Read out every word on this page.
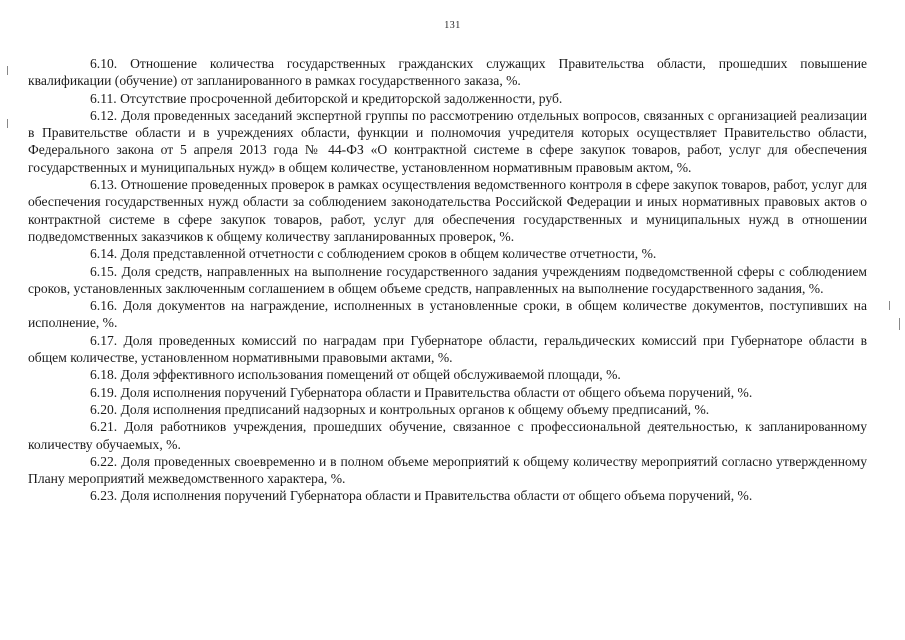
131

6.10. Отношение количества государственных гражданских служащих Правительства области, прошедших повышение квалификации (обучение) от запланированного в рамках государственного заказа, %.

6.11. Отсутствие просроченной дебиторской и кредиторской задолженности, руб.

6.12. Доля проведенных заседаний экспертной группы по рассмотрению отдельных вопросов, связанных с организацией реализации в Правительстве области и в учреждениях области, функции и полномочия учредителя которых осуществляет Правительство области, Федерального закона от 5 апреля 2013 года № 44-ФЗ «О контрактной системе в сфере закупок товаров, работ, услуг для обеспечения государственных и муниципальных нужд» в общем количестве, установленном нормативным правовым актом, %.

6.13. Отношение проведенных проверок в рамках осуществления ведомственного контроля в сфере закупок товаров, работ, услуг для обеспечения государственных нужд области за соблюдением законодательства Российской Федерации и иных нормативных правовых актов о контрактной системе в сфере закупок товаров, работ, услуг для обеспечения государственных и муниципальных нужд в отношении подведомственных заказчиков к общему количеству запланированных проверок, %.

6.14. Доля представленной отчетности с соблюдением сроков в общем количестве отчетности, %.

6.15. Доля средств, направленных на выполнение государственного задания учреждениям подведомственной сферы с соблюдением сроков, установленных заключенным соглашением в общем объеме средств, направленных на выполнение государственного задания, %.

6.16. Доля документов на награждение, исполненных в установленные сроки, в общем количестве документов, поступивших на исполнение, %.

6.17. Доля проведенных комиссий по наградам при Губернаторе области, геральдических комиссий при Губернаторе области в общем количестве, установленном нормативными правовыми актами, %.

6.18. Доля эффективного использования помещений от общей обслуживаемой площади, %.

6.19. Доля исполнения поручений Губернатора области и Правительства области от общего объема поручений, %.

6.20. Доля исполнения предписаний надзорных и контрольных органов к общему объему предписаний, %.

6.21. Доля работников учреждения, прошедших обучение, связанное с профессиональной деятельностью, к запланированному количеству обучаемых, %.

6.22. Доля проведенных своевременно и в полном объеме мероприятий к общему количеству мероприятий согласно утвержденному Плану мероприятий межведомственного характера, %.

6.23. Доля исполнения поручений Губернатора области и Правительства области от общего объема поручений, %.
